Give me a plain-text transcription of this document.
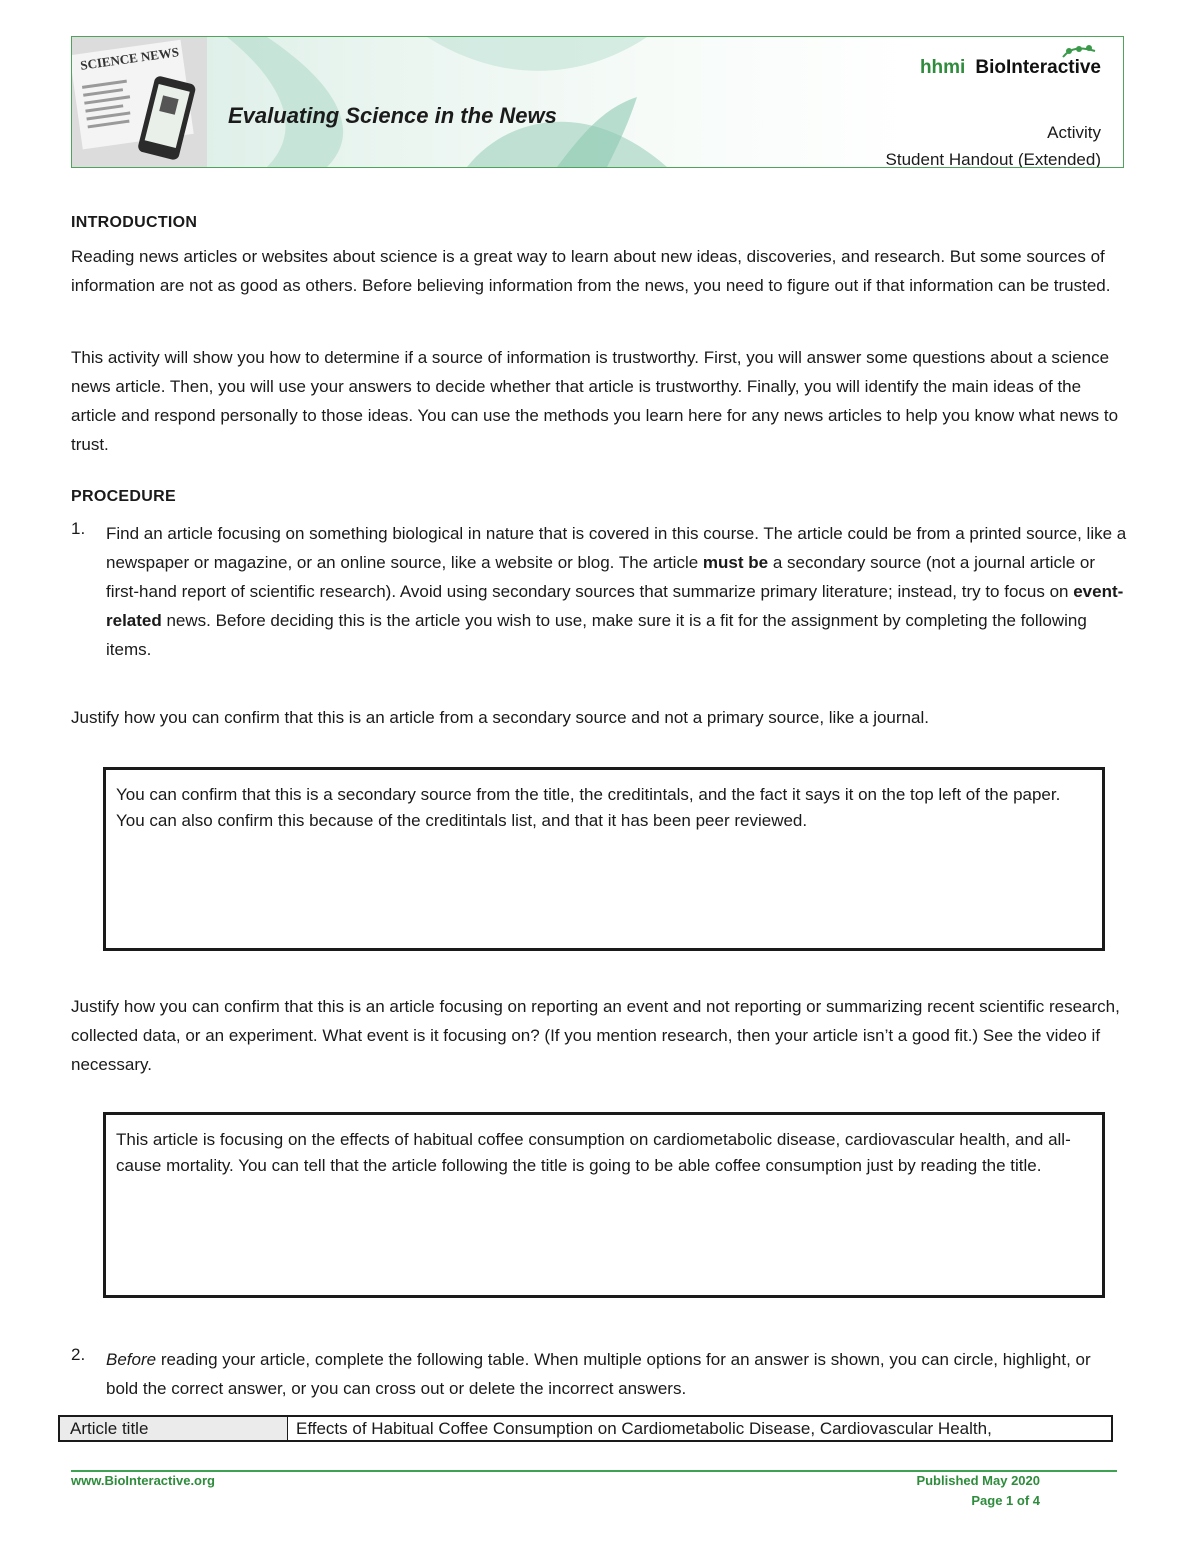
SCIENCE NEWS
Evaluating Science in the News
hhmi BioInteractive
Activity
Student Handout (Extended)
INTRODUCTION

Reading news articles or websites about science is a great way to learn about new ideas, discoveries, and research. But some sources of information are not as good as others. Before believing information from the news, you need to figure out if that information can be trusted.

This activity will show you how to determine if a source of information is trustworthy. First, you will answer some questions about a science news article. Then, you will use your answers to decide whether that article is trustworthy. Finally, you will identify the main ideas of the article and respond personally to those ideas. You can use the methods you learn here for any news articles to help you know what news to trust.

PROCEDURE
1. Find an article focusing on something biological in nature that is covered in this course. The article could be from a printed source, like a newspaper or magazine, or an online source, like a website or blog. The article must be a secondary source (not a journal article or first-hand report of scientific research). Avoid using secondary sources that summarize primary literature; instead, try to focus on event-related news. Before deciding this is the article you wish to use, make sure it is a fit for the assignment by completing the following items.

Justify how you can confirm that this is an article from a secondary source and not a primary source, like a journal.

You can confirm that this is a secondary source from the title, the creditintals, and the fact it says it on the top left of the paper. You can also confirm this because of the creditintals list, and that it has been peer reviewed.

Justify how you can confirm that this is an article focusing on reporting an event and not reporting or summarizing recent scientific research, collected data, or an experiment. What event is it focusing on? (If you mention research, then your article isn’t a good fit.) See the video if necessary.

This article is focusing on the effects of habitual coffee consumption on cardiometabolic disease, cardiovascular health, and all-cause mortality. You can tell that the article following the title is going to be able coffee consumption just by reading the title.
2. Before reading your article, complete the following table. When multiple options for an answer is shown, you can circle, highlight, or bold the correct answer, or you can cross out or delete the incorrect answers.

Article title	Effects of Habitual Coffee Consumption on Cardiometabolic Disease, Cardiovascular Health,
www.BioInteractive.org	Published May 2020
Page 1 of 4
